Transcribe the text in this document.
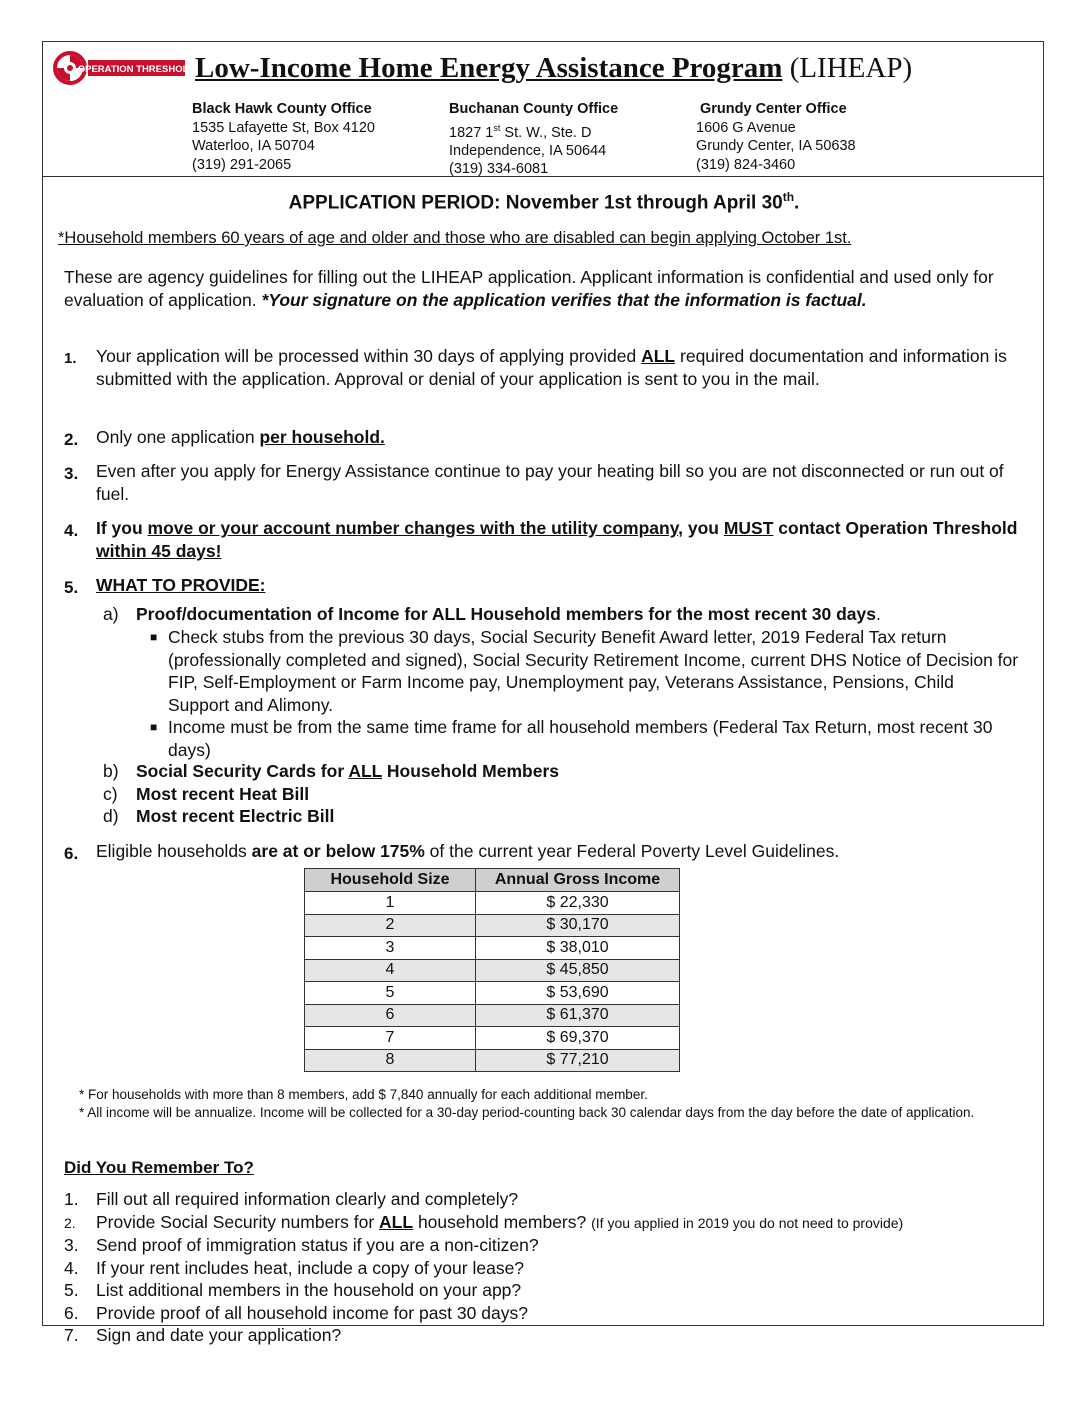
OPERATION THRESHOLD Low-Income Home Energy Assistance Program (LIHEAP)
Black Hawk County Office
1535 Lafayette St, Box 4120
Waterloo, IA 50704
(319) 291-2065
Buchanan County Office
1827 1st St. W., Ste. D
Independence, IA 50644
(319) 334-6081
Grundy Center Office
1606 G Avenue
Grundy Center, IA 50638
(319) 824-3460
APPLICATION PERIOD: November 1st through April 30th.
*Household members 60 years of age and older and those who are disabled can begin applying October 1st.
These are agency guidelines for filling out the LIHEAP application. Applicant information is confidential and used only for evaluation of application. *Your signature on the application verifies that the information is factual.
1.	Your application will be processed within 30 days of applying provided ALL required documentation and information is submitted with the application. Approval or denial of your application is sent to you in the mail.
2.	Only one application per household.
3.	Even after you apply for Energy Assistance continue to pay your heating bill so you are not disconnected or run out of fuel.
4.	If you move or your account number changes with the utility company, you MUST contact Operation Threshold within 45 days!
5.	WHAT TO PROVIDE:
a) Proof/documentation of Income for ALL Household members for the most recent 30 days.
■ Check stubs from the previous 30 days, Social Security Benefit Award letter, 2019 Federal Tax return (professionally completed and signed), Social Security Retirement Income, current DHS Notice of Decision for FIP, Self-Employment or Farm Income pay, Unemployment pay, Veterans Assistance, Pensions, Child Support and Alimony.
■ Income must be from the same time frame for all household members (Federal Tax Return, most recent 30 days)
b) Social Security Cards for ALL Household Members
c) Most recent Heat Bill
d) Most recent Electric Bill
6.	Eligible households are at or below 175% of the current year Federal Poverty Level Guidelines.
Household Size	Annual Gross Income
1	$ 22,330
2	$ 30,170
3	$ 38,010
4	$ 45,850
5	$ 53,690
6	$ 61,370
7	$ 69,370
8	$ 77,210
* For households with more than 8 members, add $ 7,840 annually for each additional member.
* All income will be annualize. Income will be collected for a 30-day period-counting back 30 calendar days from the day before the date of application.
Did You Remember To?
1. Fill out all required information clearly and completely?
2. Provide Social Security numbers for ALL household members? (If you applied in 2019 you do not need to provide)
3. Send proof of immigration status if you are a non-citizen?
4. If your rent includes heat, include a copy of your lease?
5. List additional members in the household on your app?
6. Provide proof of all household income for past 30 days?
7. Sign and date your application?
